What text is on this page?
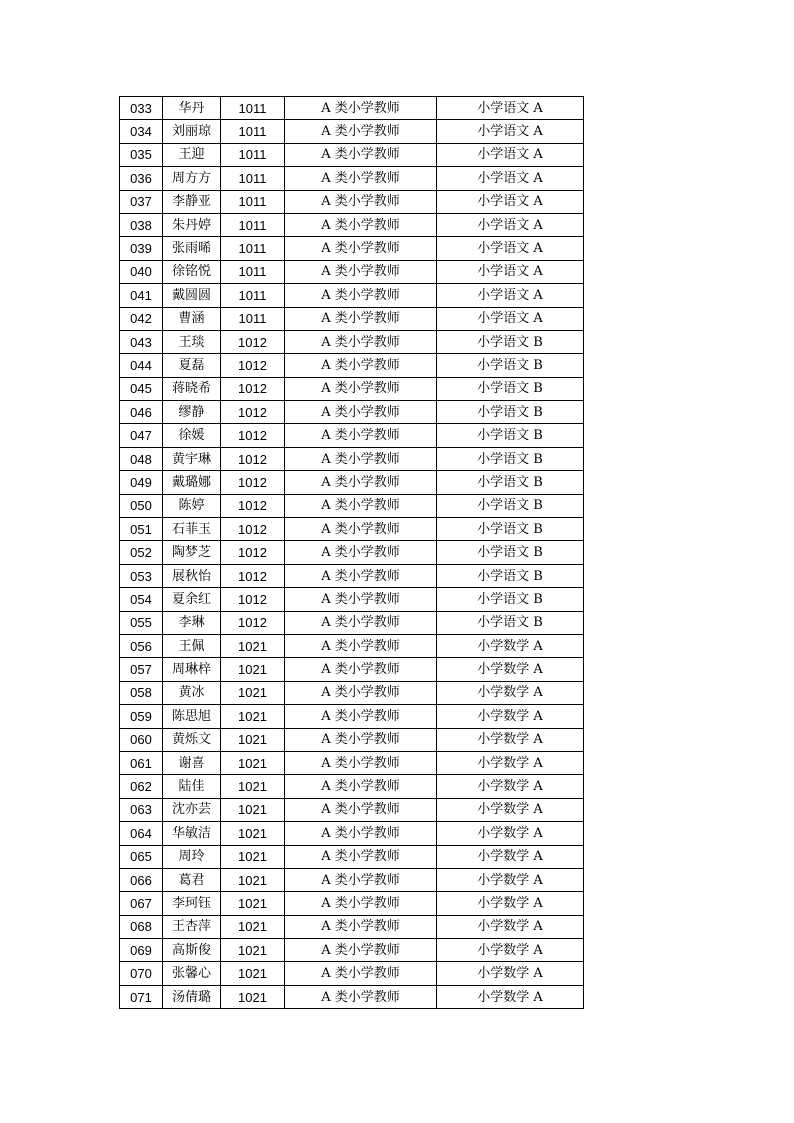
033	华丹	1011	A 类小学教师	小学语文 A
034	刘丽琼	1011	A 类小学教师	小学语文 A
035	王迎	1011	A 类小学教师	小学语文 A
036	周方方	1011	A 类小学教师	小学语文 A
037	李静亚	1011	A 类小学教师	小学语文 A
038	朱丹婷	1011	A 类小学教师	小学语文 A
039	张雨晞	1011	A 类小学教师	小学语文 A
040	徐铭悦	1011	A 类小学教师	小学语文 A
041	戴圆圆	1011	A 类小学教师	小学语文 A
042	曹涵	1011	A 类小学教师	小学语文 A
043	王琰	1012	A 类小学教师	小学语文 B
044	夏磊	1012	A 类小学教师	小学语文 B
045	蒋晓希	1012	A 类小学教师	小学语文 B
046	缪静	1012	A 类小学教师	小学语文 B
047	徐媛	1012	A 类小学教师	小学语文 B
048	黄宇琳	1012	A 类小学教师	小学语文 B
049	戴璐娜	1012	A 类小学教师	小学语文 B
050	陈婷	1012	A 类小学教师	小学语文 B
051	石菲玉	1012	A 类小学教师	小学语文 B
052	陶梦芝	1012	A 类小学教师	小学语文 B
053	展秋怡	1012	A 类小学教师	小学语文 B
054	夏余红	1012	A 类小学教师	小学语文 B
055	李琳	1012	A 类小学教师	小学语文 B
056	王佩	1021	A 类小学教师	小学数学 A
057	周琳梓	1021	A 类小学教师	小学数学 A
058	黄冰	1021	A 类小学教师	小学数学 A
059	陈思旭	1021	A 类小学教师	小学数学 A
060	黄烁文	1021	A 类小学教师	小学数学 A
061	谢喜	1021	A 类小学教师	小学数学 A
062	陆佳	1021	A 类小学教师	小学数学 A
063	沈亦芸	1021	A 类小学教师	小学数学 A
064	华敏洁	1021	A 类小学教师	小学数学 A
065	周玲	1021	A 类小学教师	小学数学 A
066	葛君	1021	A 类小学教师	小学数学 A
067	李珂钰	1021	A 类小学教师	小学数学 A
068	王杏萍	1021	A 类小学教师	小学数学 A
069	高斯俊	1021	A 类小学教师	小学数学 A
070	张馨心	1021	A 类小学教师	小学数学 A
071	汤倩璐	1021	A 类小学教师	小学数学 A
